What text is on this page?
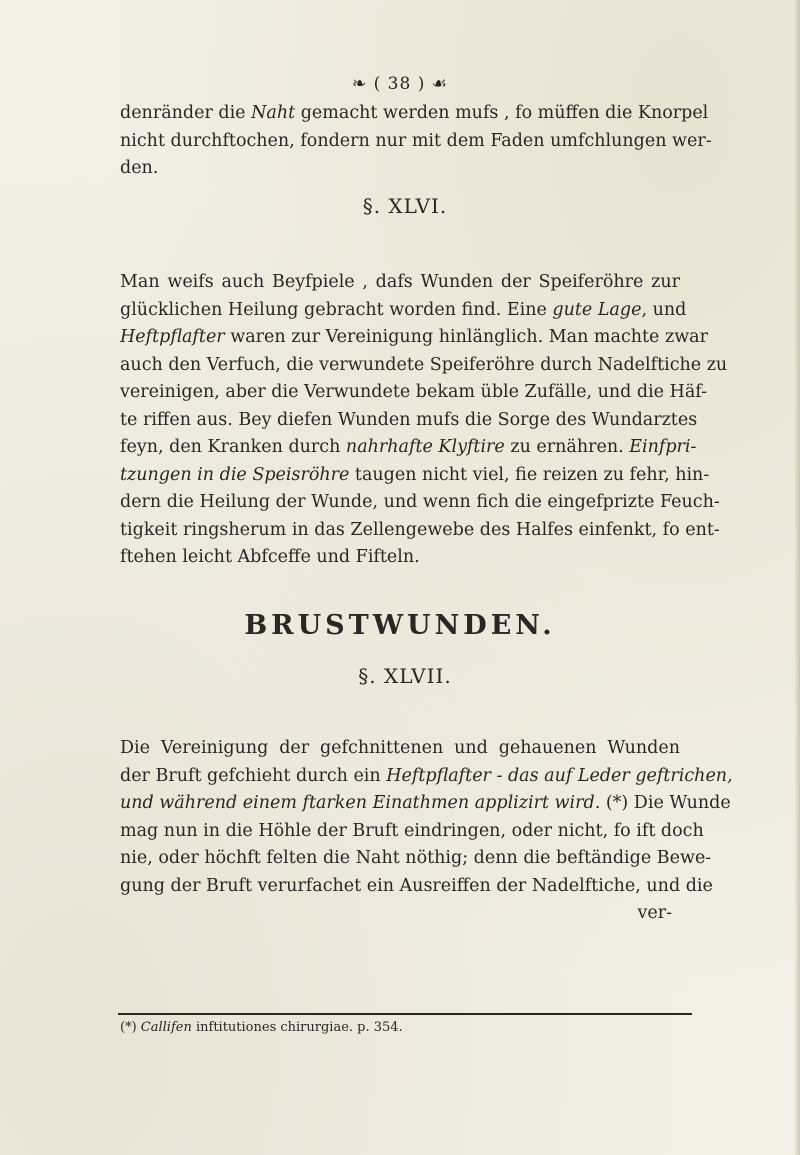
❧ ( 38 ) ☙
denränder die Naht gemacht werden mufs , fo müffen die Knorpel
nicht durchftochen, fondern nur mit dem Faden umfchlungen wer-
den.
§. XLVI.
Man weifs auch Beyfpiele , dafs Wunden der Speiferöhre zur
glücklichen Heilung gebracht worden find. Eine gute Lage, und
Heftpflafter waren zur Vereinigung hinlänglich. Man machte zwar
auch den Verfuch, die verwundete Speiferöhre durch Nadelftiche zu
vereinigen, aber die Verwundete bekam üble Zufälle, und die Häf-
te riffen aus. Bey diefen Wunden mufs die Sorge des Wundarztes
feyn, den Kranken durch nahrhafte Klyftire zu ernähren. Einfpri-
tzungen in die Speisröhre taugen nicht viel, fie reizen zu fehr, hin-
dern die Heilung der Wunde, und wenn fich die eingefprizte Feuch-
tigkeit ringsherum in das Zellengewebe des Halfes einfenkt, fo ent-
ftehen leicht Abfceffe und Fifteln.
BRUSTWUNDEN.
§. XLVII.
Die Vereinigung der gefchnittenen und gehauenen Wunden
der Bruft gefchieht durch ein Heftpflafter - das auf Leder geftrichen,
und während einem ftarken Einathmen applizirt wird. (*) Die Wunde
mag nun in die Höhle der Bruft eindringen, oder nicht, fo ift doch
nie, oder höchft felten die Naht nöthig; denn die beftändige Bewe-
gung der Bruft verurfachet ein Ausreiffen der Nadelftiche, und die
ver-
(*) Callifen inftitutiones chirurgiae. p. 354.
